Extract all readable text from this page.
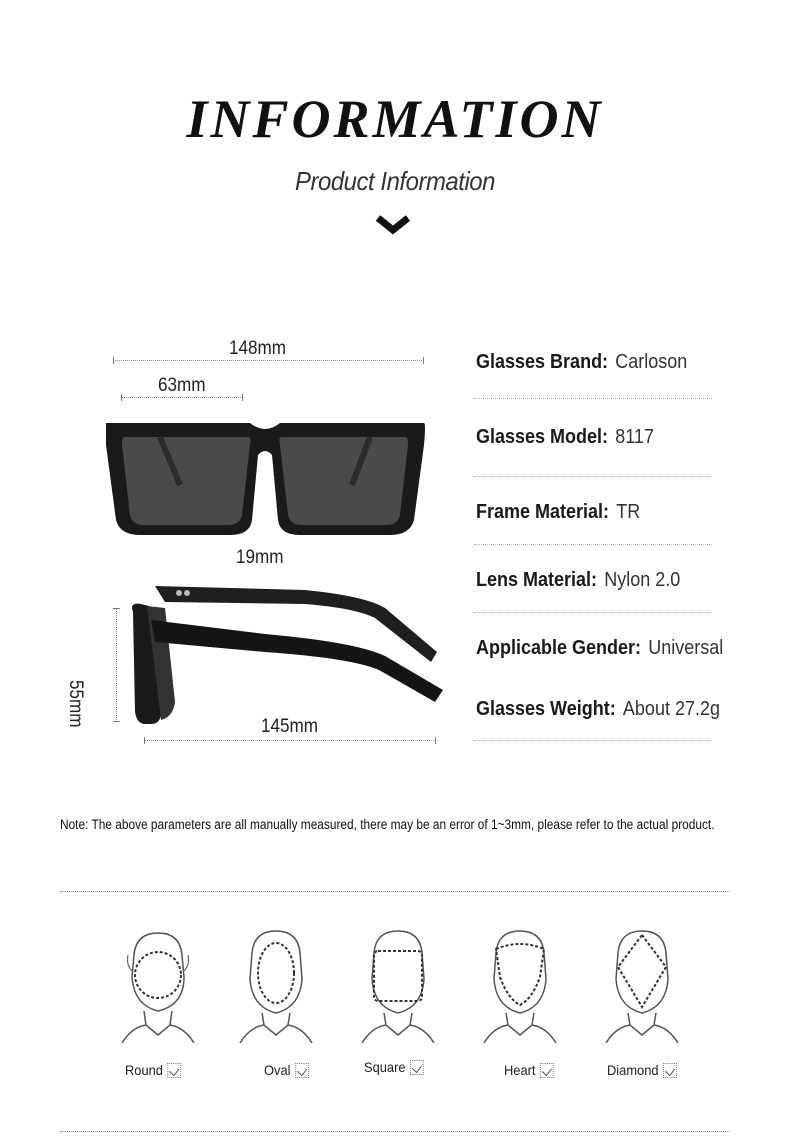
INFORMATION
Product Information
148mm
63mm
19mm
55mm	145mm
Glasses Brand: Carloson
Glasses Model: 8117
Frame Material: TR
Lens Material: Nylon 2.0
Applicable Gender: Universal
Glasses Weight: About 27.2g
Note: The above parameters are all manually measured, there may be an error of 1~3mm, please refer to the actual product.
Round	Oval	Square	Heart	Diamond
